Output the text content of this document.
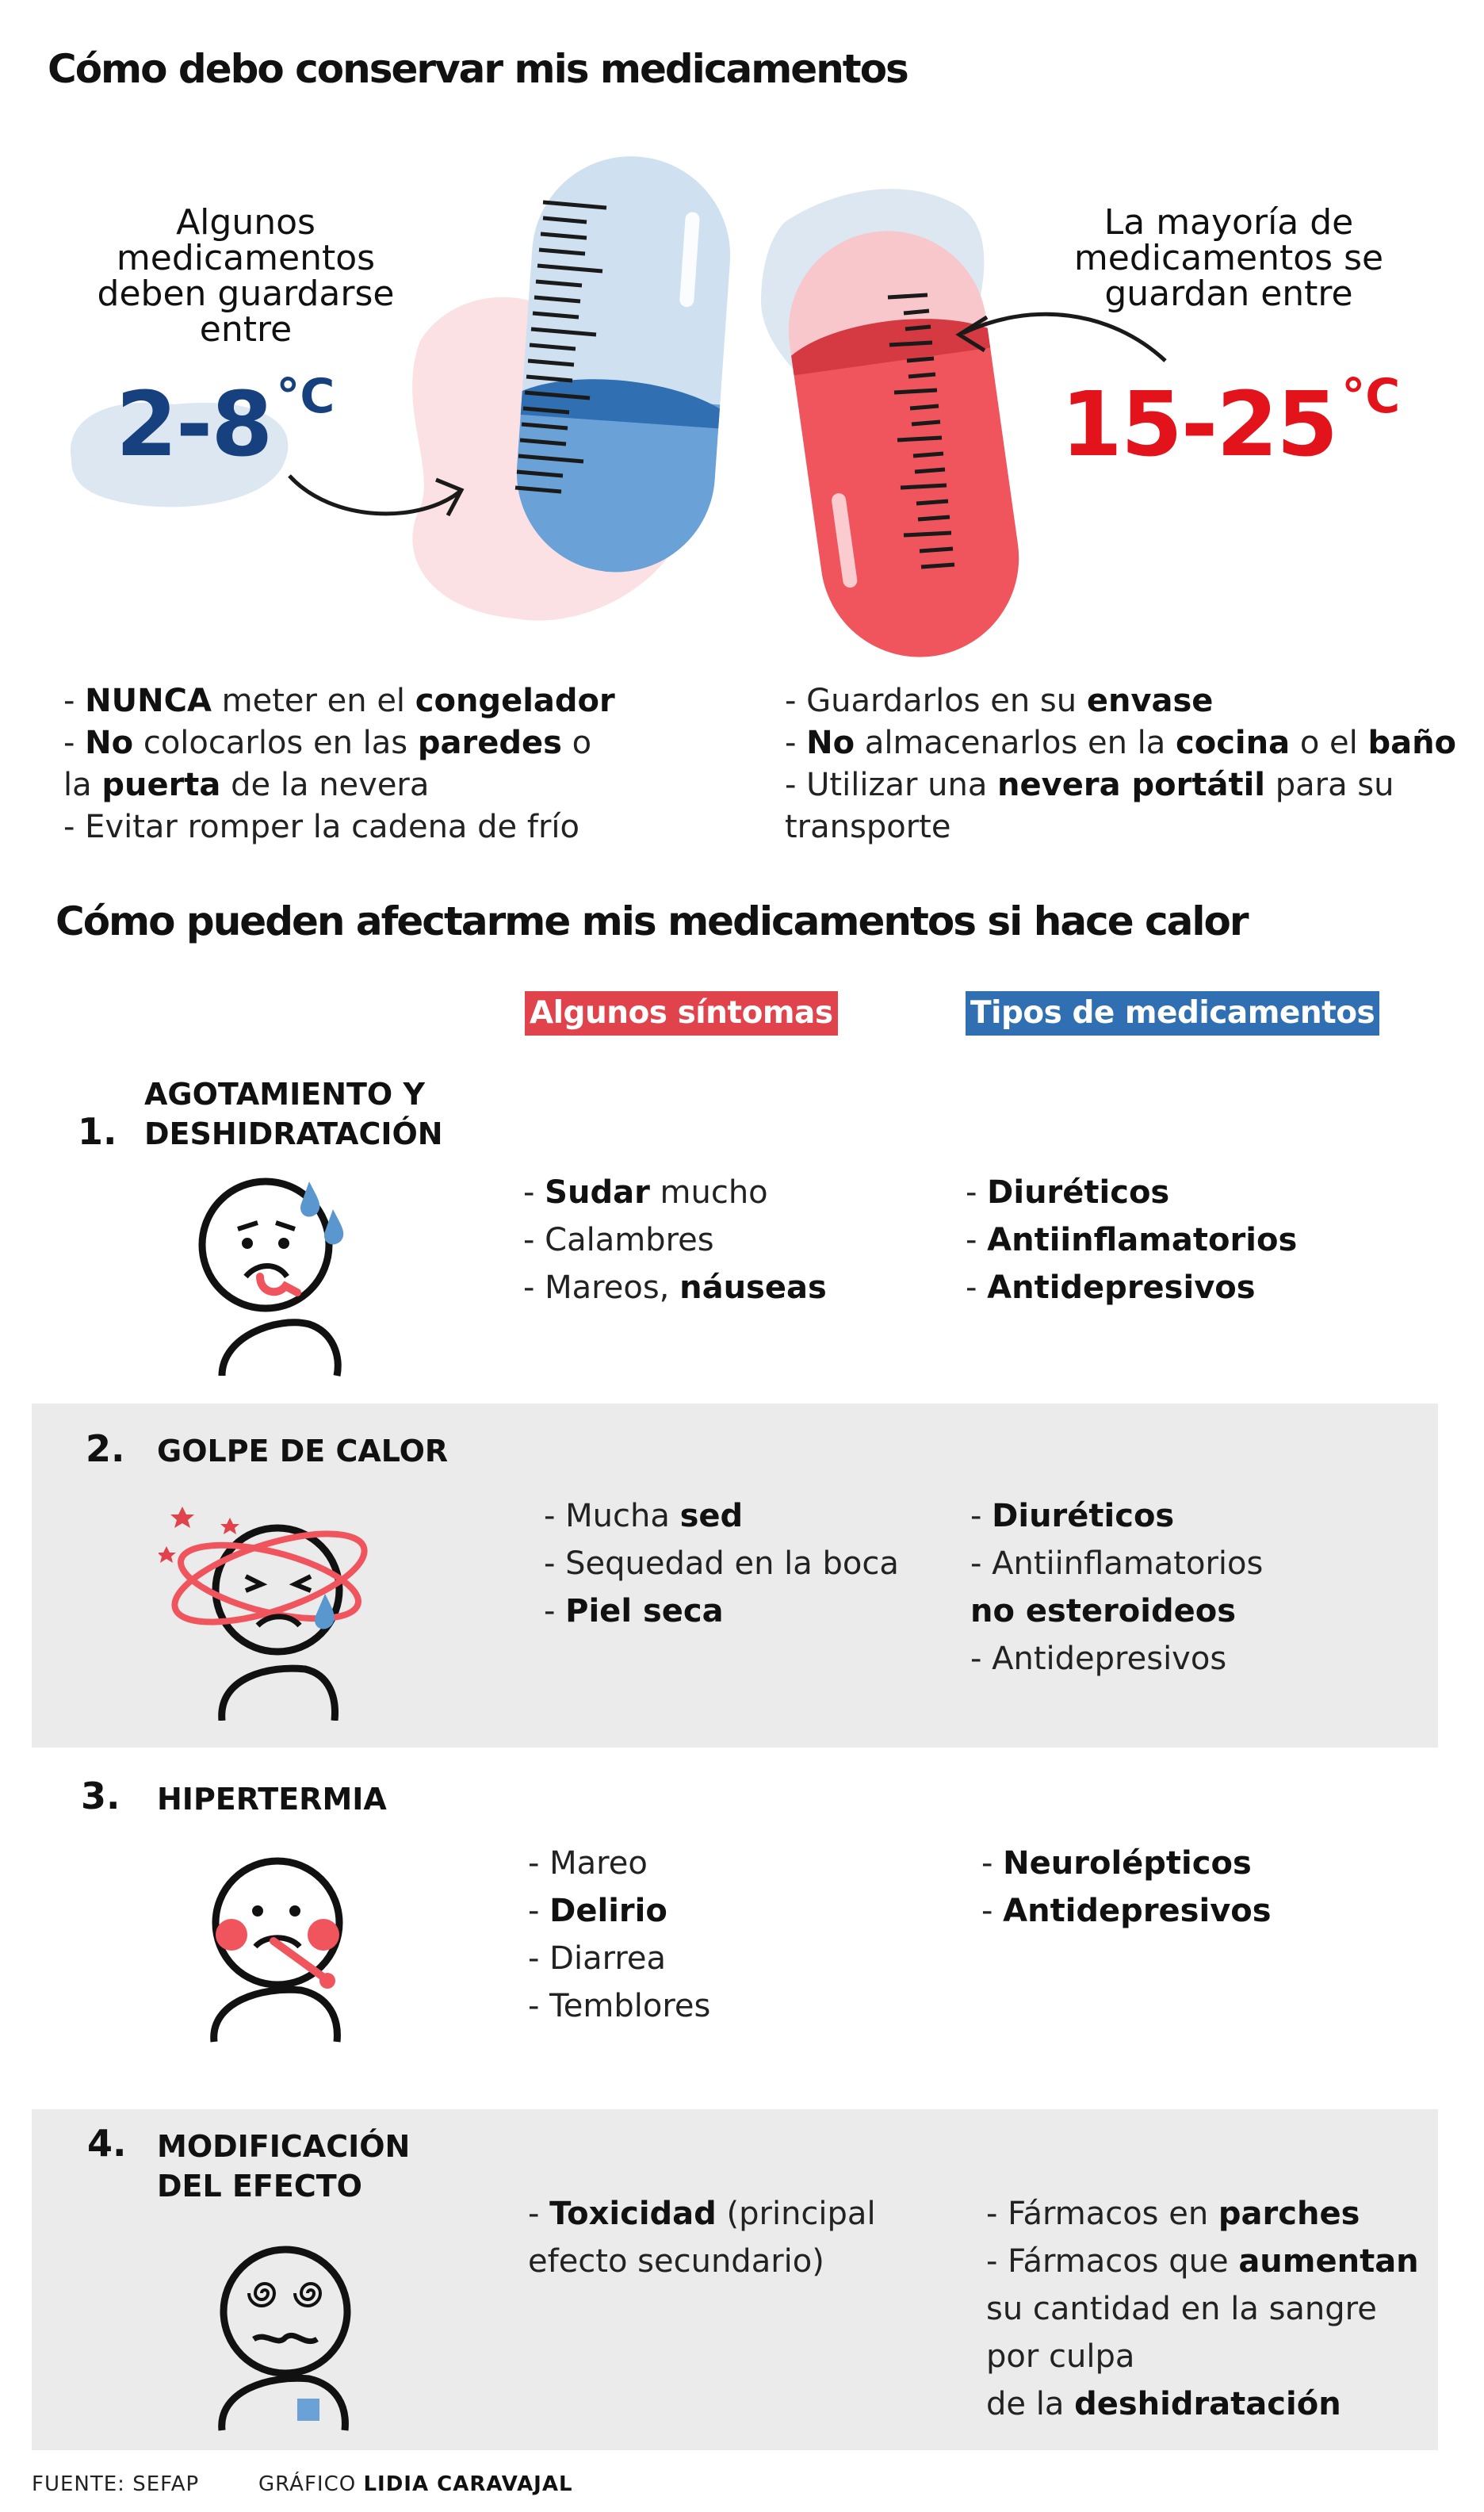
Cómo debo conservar mis medicamentos
Algunos medicamentos deben guardarse entre
2-8 °C
La mayoría de medicamentos se guardan entre
15-25 °C

- NUNCA meter en el congelador

- No colocarlos en las paredes o

la puerta de la nevera

- Evitar romper la cadena de frío

- Guardarlos en su envase

- No almacenarlos en la cocina o el baño

- Utilizar una nevera portátil para su

transporte

Cómo pueden afectarme mis medicamentos si hace calor
Algunos síntomas	Tipos de medicamentos
1.
AGOTAMIENTO Y
DESHIDRATACIÓN

- Sudar mucho

- Calambres

- Mareos, náuseas

- Diuréticos

- Antiinflamatorios

- Antidepresivos

2. GOLPE DE CALOR

- Mucha sed

- Sequedad en la boca

- Piel seca

- Diuréticos

- Antiinflamatorios

no esteroideos

- Antidepresivos

3. HIPERTERMIA

- Mareo

- Delirio

- Diarrea

- Temblores

- Neurolépticos

- Antidepresivos

4. MODIFICACIÓN
DEL EFECTO

- Toxicidad (principal

efecto secundario)

- Fármacos en parches

- Fármacos que aumentan

su cantidad en la sangre

por culpa

de la deshidratación

FUENTE: SEFAP	GRÁFICO LIDIA CARAVAJAL
